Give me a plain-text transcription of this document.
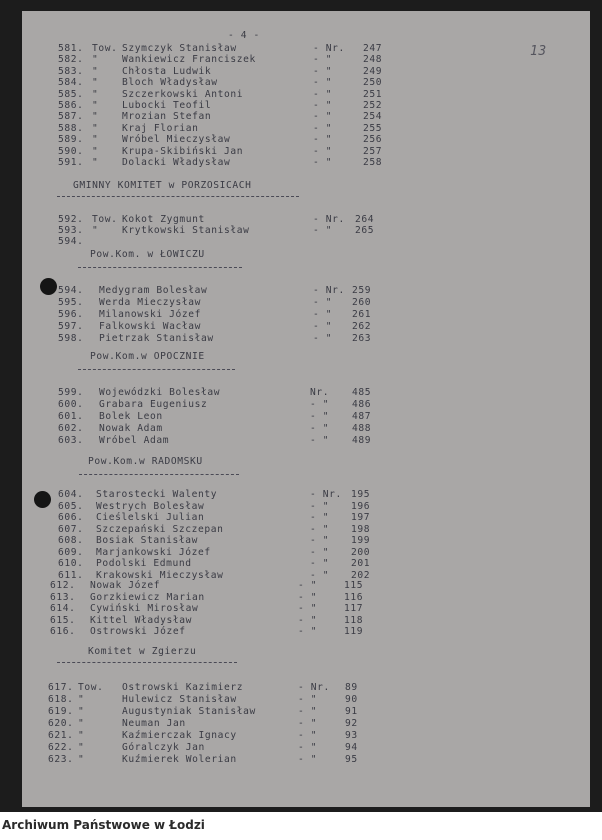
- 4 -
13
581. Tow. Szymczyk Stanisław	- Nr. 247
582. " Wankiewicz Franciszek	- "	248
583. " Chłosta Ludwik	- "	249
584. " Bloch Władysław	- "	250
585. " Szczerkowski Antoni	- "	251
586. " Lubocki Teofil	- "	252
587. " Mrozian Stefan	- "	254
588. " Kraj Florian	- "	255
589. " Wróbel Mieczysław	- "	256
590. " Krupa-Skibiński Jan	- "	257
591. " Dolacki Władysław	- "	258
GMINNY KOMITET w PORZOSICACH
592. Tow. Kokot Zygmunt	- Nr. 264
593. " Krytkowski Stanisław	- " 265
594.
Pow.Kom. w ŁOWICZU
594. Medygram Bolesław	- Nr. 259
595. Werda Mieczysław	- " 260
596. Milanowski Józef	- " 261
597. Falkowski Wacław	- " 262
598. Pietrzak Stanisław	- " 263
Pow.Kom.w OPOCZNIE
599. Wojewódzki Bolesław	Nr. 485
600. Grabara Eugeniusz	- " 486
601. Bolek Leon	- " 487
602. Nowak Adam	- " 488
603. Wróbel Adam	- " 489
Pow.Kom.w RADOMSKU
604. Starostecki Walenty	- Nr. 195
605. Westrych Bolesław	- " 196
606. Cieślelski Julian	- " 197
607. Szczepański Szczepan	- " 198
608. Bosiak Stanisław	- " 199
609. Marjankowski Józef	- " 200
610. Podolski Edmund	- " 201
611. Krakowski Mieczysław	- " 202
612. Nowak Józef	- "	115
613. Gorzkiewicz Marian	- "	116
614. Cywiński Mirosław	- "	117
615. Kittel Władysław	- "	118
616. Ostrowski Józef	- "	119
Komitet w Zgierzu
617. Tow. Ostrowski Kazimierz	- Nr. 89
618. "	Hulewicz Stanisław	- "	90
619. "	Augustyniak Stanisław	- "	91
620. "	Neuman Jan	- "	92
621. "	Kaźmierczak Ignacy	- "	93
622. "	Góralczyk Jan	- "	94
623. "	Kuźmierek Wolerian	- "	95
Archiwum Państwowe w Łodzi
